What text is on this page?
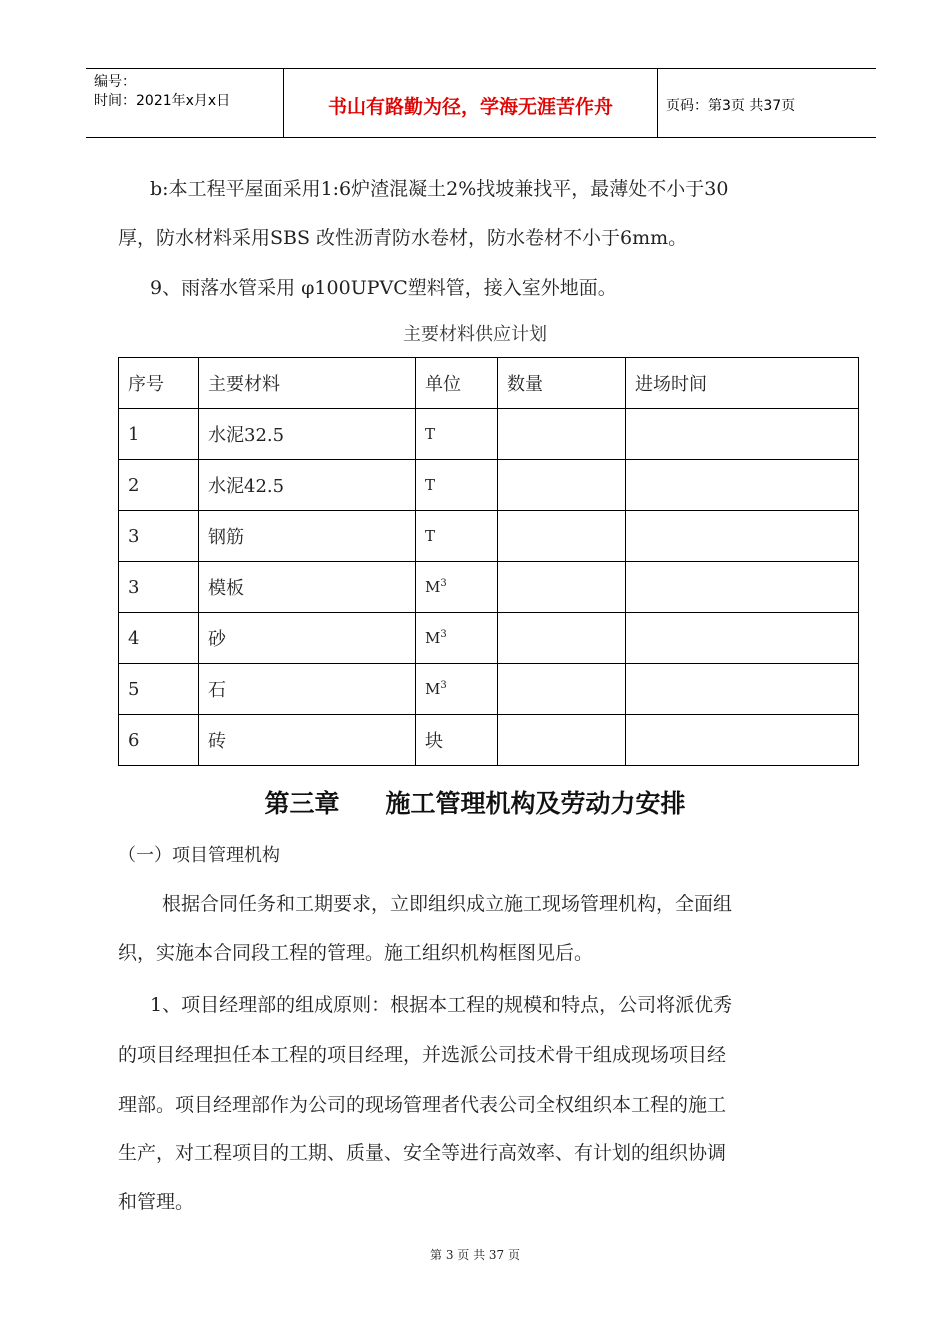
编号：
时间：2021年x月x日	书山有路勤为径，学海无涯苦作舟	页码：第3页 共37页
b:本工程平屋面采用1:6炉渣混凝土2%找坡兼找平，最薄处不小于30
厚，防水材料采用SBS 改性沥青防水卷材，防水卷材不小于6mm。
9、雨落水管采用 φ100UPVC塑料管，接入室外地面。
主要材料供应计划
序号	主要材料	单位	数量	进场时间
1	水泥32.5	T		
2	水泥42.5	T		
3	钢筋	T		
3	模板	$M^3$		
4	砂	$M^3$		
5	石	$M^3$		
6	砖	块		
第三章 施工管理机构及劳动力安排
（一）项目管理机构
根据合同任务和工期要求，立即组织成立施工现场管理机构，全面组
织，实施本合同段工程的管理。施工组织机构框图见后。
1、项目经理部的组成原则：根据本工程的规模和特点，公司将派优秀
的项目经理担任本工程的项目经理，并选派公司技术骨干组成现场项目经
理部。项目经理部作为公司的现场管理者代表公司全权组织本工程的施工
生产，对工程项目的工期、质量、安全等进行高效率、有计划的组织协调
和管理。
第 3 页 共 37 页
